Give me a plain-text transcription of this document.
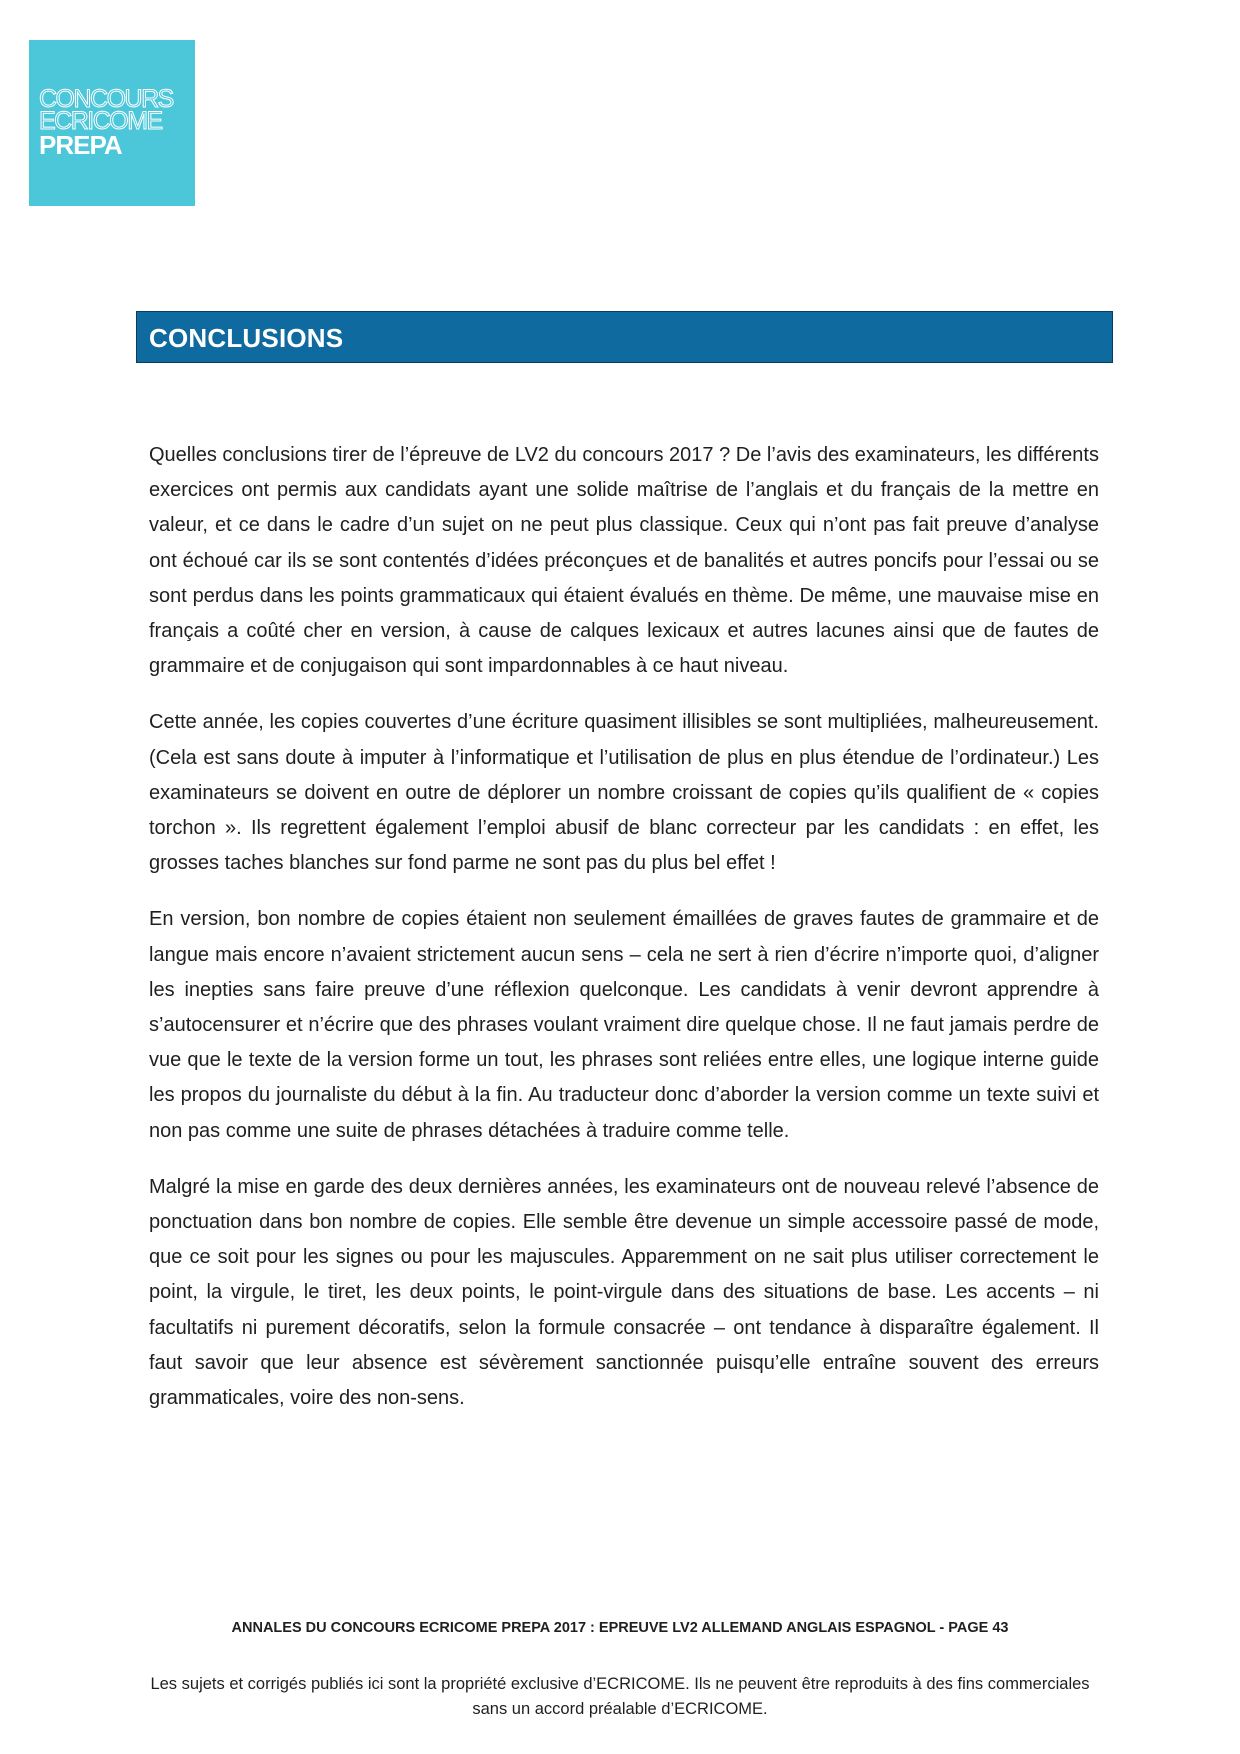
CONCOURS
ECRICOME
PREPA
CONCLUSIONS

Quelles conclusions tirer de l’épreuve de LV2 du concours 2017 ? De l’avis des examinateurs, les différents exercices ont permis aux candidats ayant une solide maîtrise de l’anglais et du français de la mettre en valeur, et ce dans le cadre d’un sujet on ne peut plus classique. Ceux qui n’ont pas fait preuve d’analyse ont échoué car ils se sont contentés d’idées préconçues et de banalités et autres poncifs pour l’essai ou se sont perdus dans les points grammaticaux qui étaient évalués en thème. De même, une mauvaise mise en français a coûté cher en version, à cause de calques lexicaux et autres lacunes ainsi que de fautes de grammaire et de conjugaison qui sont impardonnables à ce haut niveau.

Cette année, les copies couvertes d’une écriture quasiment illisibles se sont multipliées, malheureusement. (Cela est sans doute à imputer à l’informatique et l’utilisation de plus en plus étendue de l’ordinateur.) Les examinateurs se doivent en outre de déplorer un nombre croissant de copies qu’ils qualifient de « copies torchon ». Ils regrettent également l’emploi abusif de blanc correcteur par les candidats : en effet, les grosses taches blanches sur fond parme ne sont pas du plus bel effet !

En version, bon nombre de copies étaient non seulement émaillées de graves fautes de grammaire et de langue mais encore n’avaient strictement aucun sens – cela ne sert à rien d’écrire n’importe quoi, d’aligner les inepties sans faire preuve d’une réflexion quelconque. Les candidats à venir devront apprendre à s’autocensurer et n’écrire que des phrases voulant vraiment dire quelque chose. Il ne faut jamais perdre de vue que le texte de la version forme un tout, les phrases sont reliées entre elles, une logique interne guide les propos du journaliste du début à la fin. Au traducteur donc d’aborder la version comme un texte suivi et non pas comme une suite de phrases détachées à traduire comme telle.

Malgré la mise en garde des deux dernières années, les examinateurs ont de nouveau relevé l’absence de ponctuation dans bon nombre de copies. Elle semble être devenue un simple accessoire passé de mode, que ce soit pour les signes ou pour les majuscules. Apparemment on ne sait plus utiliser correctement le point, la virgule, le tiret, les deux points, le point-virgule dans des situations de base. Les accents – ni facultatifs ni purement décoratifs, selon la formule consacrée – ont tendance à disparaître également. Il faut savoir que leur absence est sévèrement sanctionnée puisqu’elle entraîne souvent des erreurs grammaticales, voire des non-sens.

ANNALES DU CONCOURS ECRICOME PREPA 2017 : EPREUVE LV2 ALLEMAND ANGLAIS ESPAGNOL - PAGE 43
Les sujets et corrigés publiés ici sont la propriété exclusive d’ECRICOME. Ils ne peuvent être reproduits à des fins commerciales sans un accord préalable d’ECRICOME.
